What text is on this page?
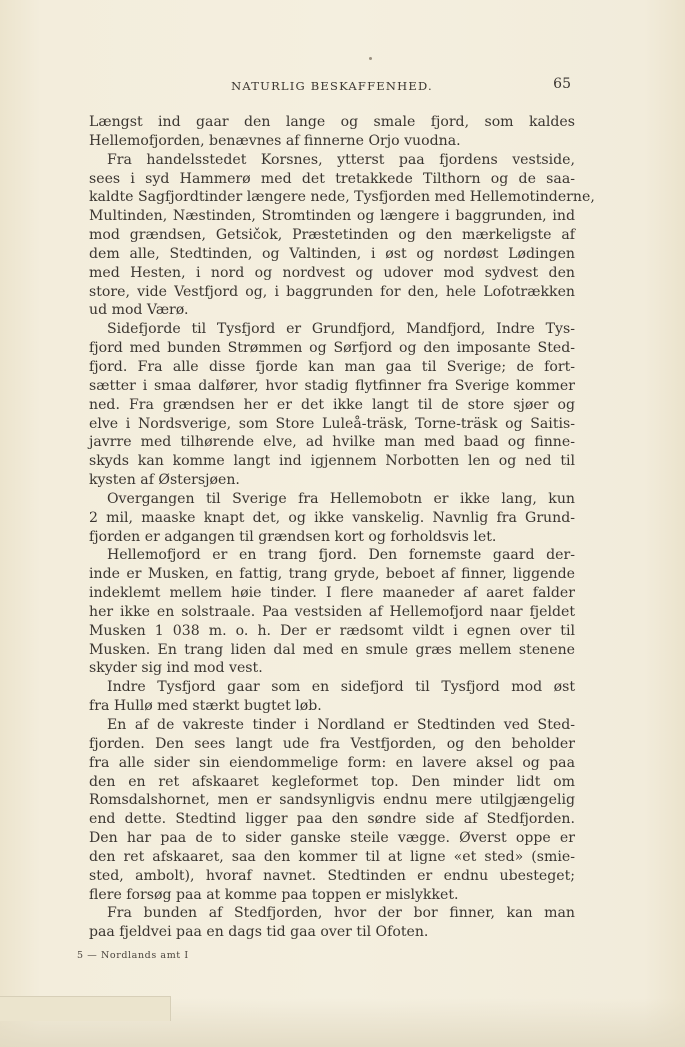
NATURLIG BESKAFFENHED.	65
Længst ind gaar den lange og smale fjord, som kaldes
Hellemofjorden, benævnes af finnerne Orjo vuodna.
Fra handelsstedet Korsnes, ytterst paa fjordens vestside,
sees i syd Hammerø med det tretakkede Tilthorn og de saa-
kaldte Sagfjordtinder længere nede, Tysfjorden med Hellemotinderne,
Multinden, Næstinden, Stromtinden og længere i baggrunden, ind
mod grændsen, Getsičok, Præstetinden og den mærkeligste af
dem alle, Stedtinden, og Valtinden, i øst og nordøst Lødingen
med Hesten, i nord og nordvest og udover mod sydvest den
store, vide Vestfjord og, i baggrunden for den, hele Lofotrækken
ud mod Værø.
Sidefjorde til Tysfjord er Grundfjord, Mandfjord, Indre Tys-
fjord med bunden Strømmen og Sørfjord og den imposante Sted-
fjord. Fra alle disse fjorde kan man gaa til Sverige; de fort-
sætter i smaa dalfører, hvor stadig flytfinner fra Sverige kommer
ned. Fra grændsen her er det ikke langt til de store sjøer og
elve i Nordsverige, som Store Luleå-träsk, Torne-träsk og Saitis-
javrre med tilhørende elve, ad hvilke man med baad og finne-
skyds kan komme langt ind igjennem Norbotten len og ned til
kysten af Østersjøen.
Overgangen til Sverige fra Hellemobotn er ikke lang, kun
2 mil, maaske knapt det, og ikke vanskelig. Navnlig fra Grund-
fjorden er adgangen til grændsen kort og forholdsvis let.
Hellemofjord er en trang fjord. Den fornemste gaard der-
inde er Musken, en fattig, trang gryde, beboet af finner, liggende
indeklemt mellem høie tinder. I flere maaneder af aaret falder
her ikke en solstraale. Paa vestsiden af Hellemofjord naar fjeldet
Musken 1 038 m. o. h. Der er rædsomt vildt i egnen over til
Musken. En trang liden dal med en smule græs mellem stenene
skyder sig ind mod vest.
Indre Tysfjord gaar som en sidefjord til Tysfjord mod øst
fra Hullø med stærkt bugtet løb.
En af de vakreste tinder i Nordland er Stedtinden ved Sted-
fjorden. Den sees langt ude fra Vestfjorden, og den beholder
fra alle sider sin eiendommelige form: en lavere aksel og paa
den en ret afskaaret kegleformet top. Den minder lidt om
Romsdalshornet, men er sandsynligvis endnu mere utilgjængelig
end dette. Stedtind ligger paa den søndre side af Stedfjorden.
Den har paa de to sider ganske steile vægge. Øverst oppe er
den ret afskaaret, saa den kommer til at ligne «et sted» (smie-
sted, ambolt), hvoraf navnet. Stedtinden er endnu ubesteget;
flere forsøg paa at komme paa toppen er mislykket.
Fra bunden af Stedfjorden, hvor der bor finner, kan man
paa fjeldvei paa en dags tid gaa over til Ofoten.
5 — Nordlands amt I
